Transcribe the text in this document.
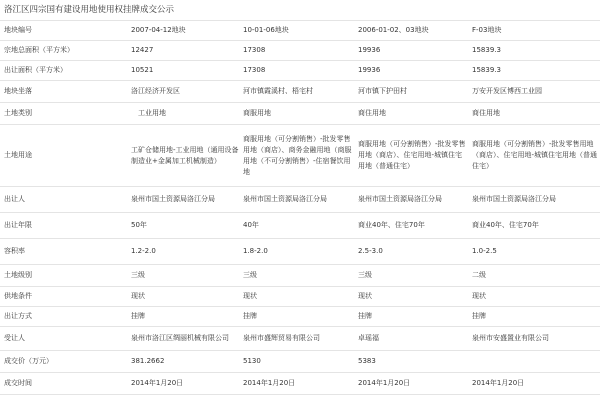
洛江区四宗国有建设用地使用权挂牌成交公示
地块编号	2007-04-12地块	10-01-06地块	2006-01-02、03地块	F-03地块
宗地总面积（平方米）	12427	17308	19936	15839.3
出让面积（平方米）	10521	17308	19936	15839.3
地块坐落	洛江经济开发区	河市镇霞溪村、梧宅村	河市镇下护田村	万安开发区博西工业园
土地类别	工业用地	商服用地	商住用地	商住用地
土地用途	工矿仓储用地-工业用地（通用设备制造业+金属加工机械制造）	商服用地（可分割销售）-批发零售用地（商店）、商务金融用地（商服用地（不可分割销售）-住宿餐饮用地	商服用地（可分割销售）-批发零售用地（商店）、住宅用地-城镇住宅用地（普通住宅）	商服用地（可分割销售）-批发零售用地（商店）、住宅用地-城镇住宅用地（普通住宅）
出让人	泉州市国土资源局洛江分局	泉州市国土资源局洛江分局	泉州市国土资源局洛江分局	泉州市国土资源局洛江分局
出让年限	50年	40年	商业40年、住宅70年	商业40年、住宅70年
容积率	1.2-2.0	1.8-2.0	2.5-3.0	1.0-2.5
土地级别	三级	三级	三级	二级
供地条件	现状	现状	现状	现状
出让方式	挂牌	挂牌	挂牌	挂牌
受让人	泉州市洛江区绸丽机械有限公司	泉州市盛辉贸易有限公司	卓瑶福	泉州市安盛置业有限公司
成交价（万元）	381.2662	5130	5383	
成交时间	2014年1月20日	2014年1月20日	2014年1月20日	2014年1月20日
